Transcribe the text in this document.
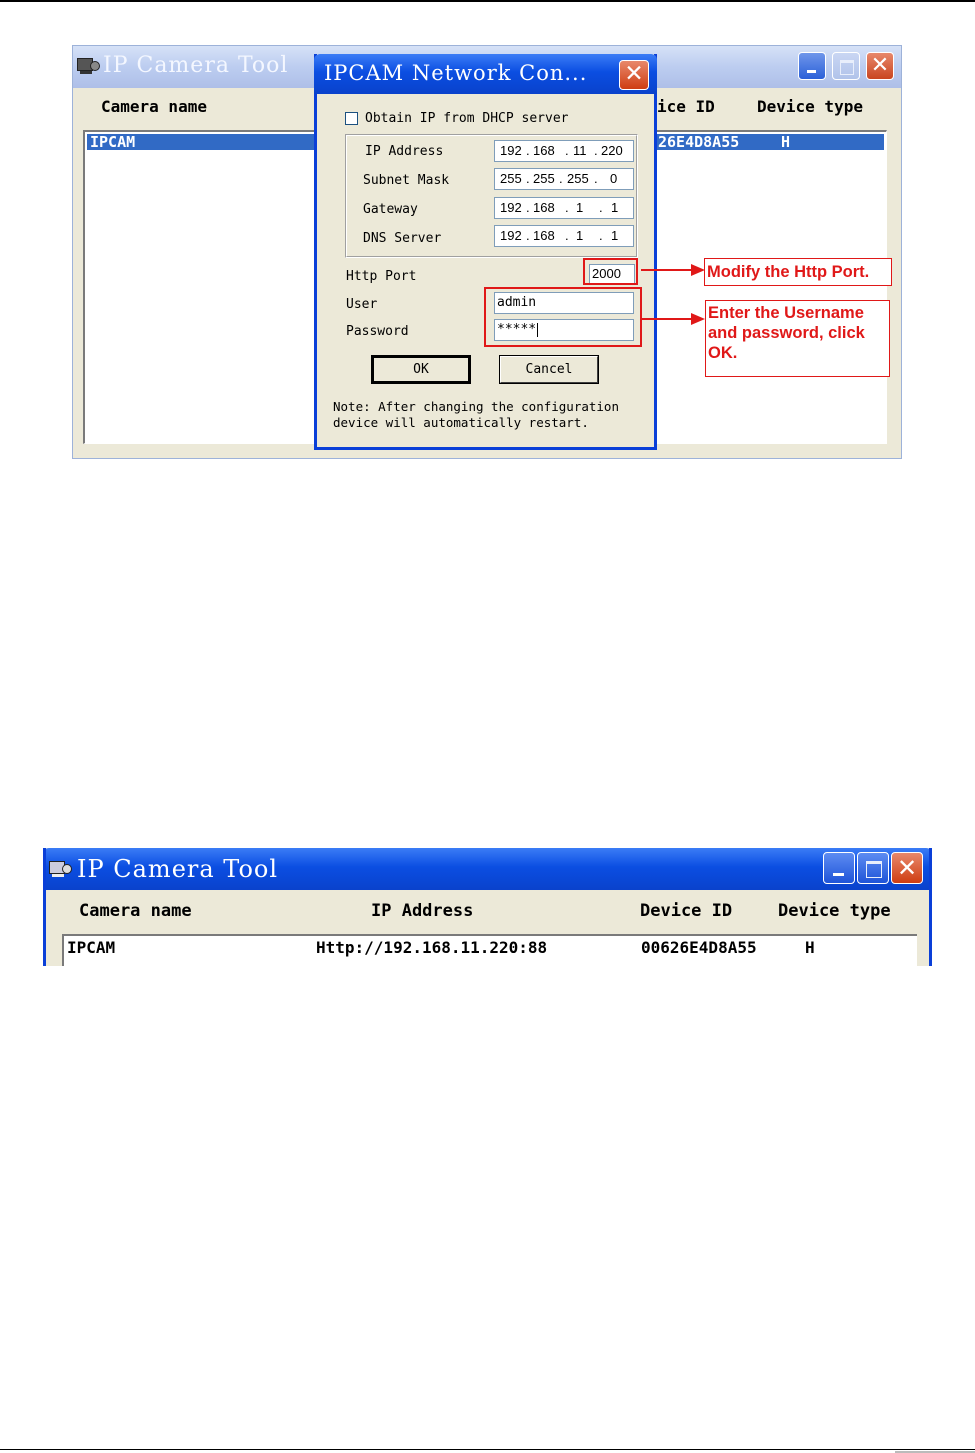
IP Camera Tool	✕
Camera name	ice ID	Device type
IPCAM	26E4D8A55	H
IPCAM Network Con... ✕
Obtain IP from DHCP server
IP Address	192 . 168 . 11 . 220
Subnet Mask	255 . 255 . 255 . 0
Gateway	192 . 168 . 1 . 1
DNS Server	192 . 168 . 1 . 1
Http Port	2000
User	admin
Password	*****
OK	Cancel
Note: After changing the configuration
device will automatically restart.
Modify the Http Port.
Enter the Username
and password, click
OK.
IP Camera Tool	✕
Camera name	IP Address	Device ID	Device type
IPCAM	Http://192.168.11.220:88	00626E4D8A55	H
